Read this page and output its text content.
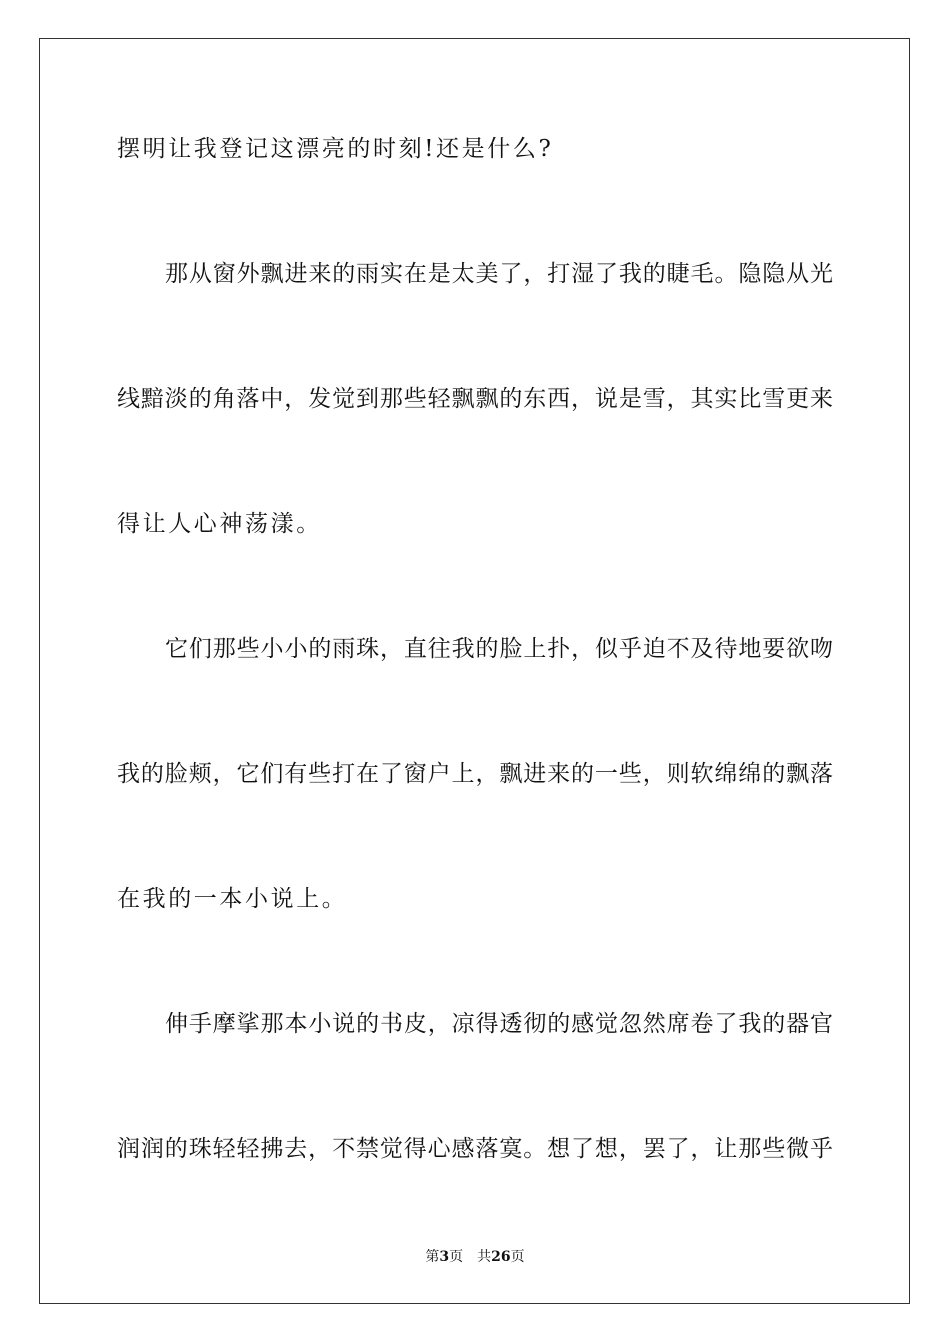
摆明让我登记这漂亮的时刻!还是什么?
那从窗外飘进来的雨实在是太美了，打湿了我的睫毛。隐隐从光
线黯淡的角落中，发觉到那些轻飘飘的东西，说是雪，其实比雪更来
得让人心神荡漾。
它们那些小小的雨珠，直往我的脸上扑，似乎迫不及待地要欲吻
我的脸颊，它们有些打在了窗户上，飘进来的一些，则软绵绵的飘落
在我的一本小说上。
伸手摩挲那本小说的书皮，凉得透彻的感觉忽然席卷了我的器官
润润的珠轻轻拂去，不禁觉得心感落寞。想了想，罢了，让那些微乎
第3页 共26页
